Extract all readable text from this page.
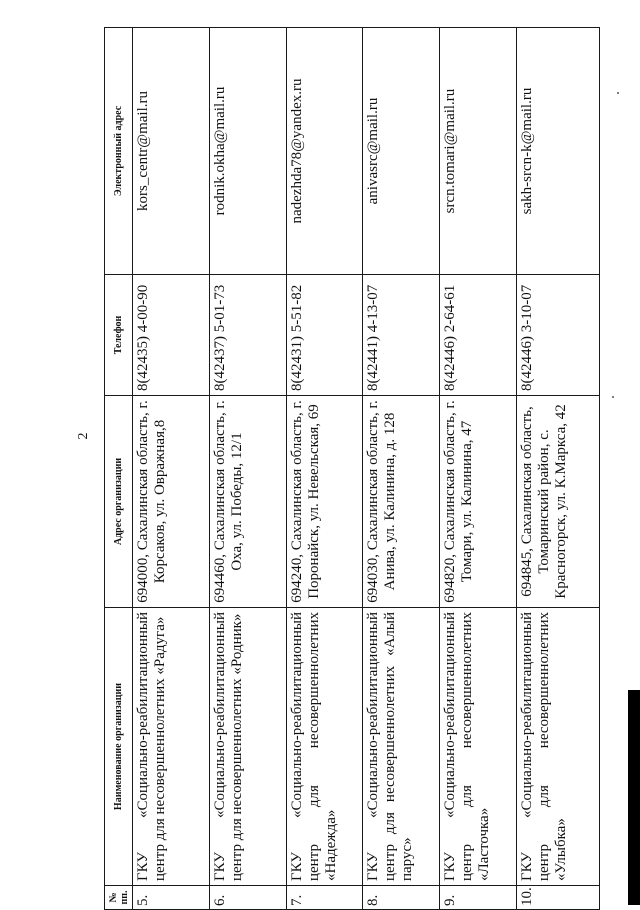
2
№ пп.	Наименование организации	Адрес организации	Телефон	Электронный адрес
5.	ГКУ «Социально-реабилитационный центр для несовершеннолетних «Радуга»	694000, Сахалинская область, г. Корсаков, ул. Овражная,8	8(42435) 4-00-90	kors_centr@mail.ru
6.	ГКУ «Социально-реабилитационный центр для несовершеннолетних «Родник»	694460, Сахалинская область, г. Оха, ул. Победы, 12/1	8(42437) 5-01-73	rodnik.okha@mail.ru
7.	ГКУ «Социально-реабилитационный центр для несовершеннолетних «Надежда»	694240, Сахалинская область, г. Поронайск, ул. Невельская, 69	8(42431) 5-51-82	nadezhda78@yandex.ru
8.	ГКУ «Социально-реабилитационный центр для несовершеннолетних «Алый парус»	694030, Сахалинская область, г. Анива, ул. Калинина, д. 128	8(42441) 4-13-07	anivasrc@mail.ru
9.	ГКУ «Социально-реабилитационный центр для несовершеннолетних «Ласточка»	694820, Сахалинская область, г. Томари, ул. Калинина, 47	8(42446) 2-64-61	srcn.tomari@mail.ru
10.	ГКУ «Социально-реабилитационный центр для несовершеннолетних «Улыбка»	694845, Сахалинская область, Томаринский район, с. Красногорск, ул. К.Маркса, 42	8(42446) 3-10-07	sakh-srcn-k@mail.ru
